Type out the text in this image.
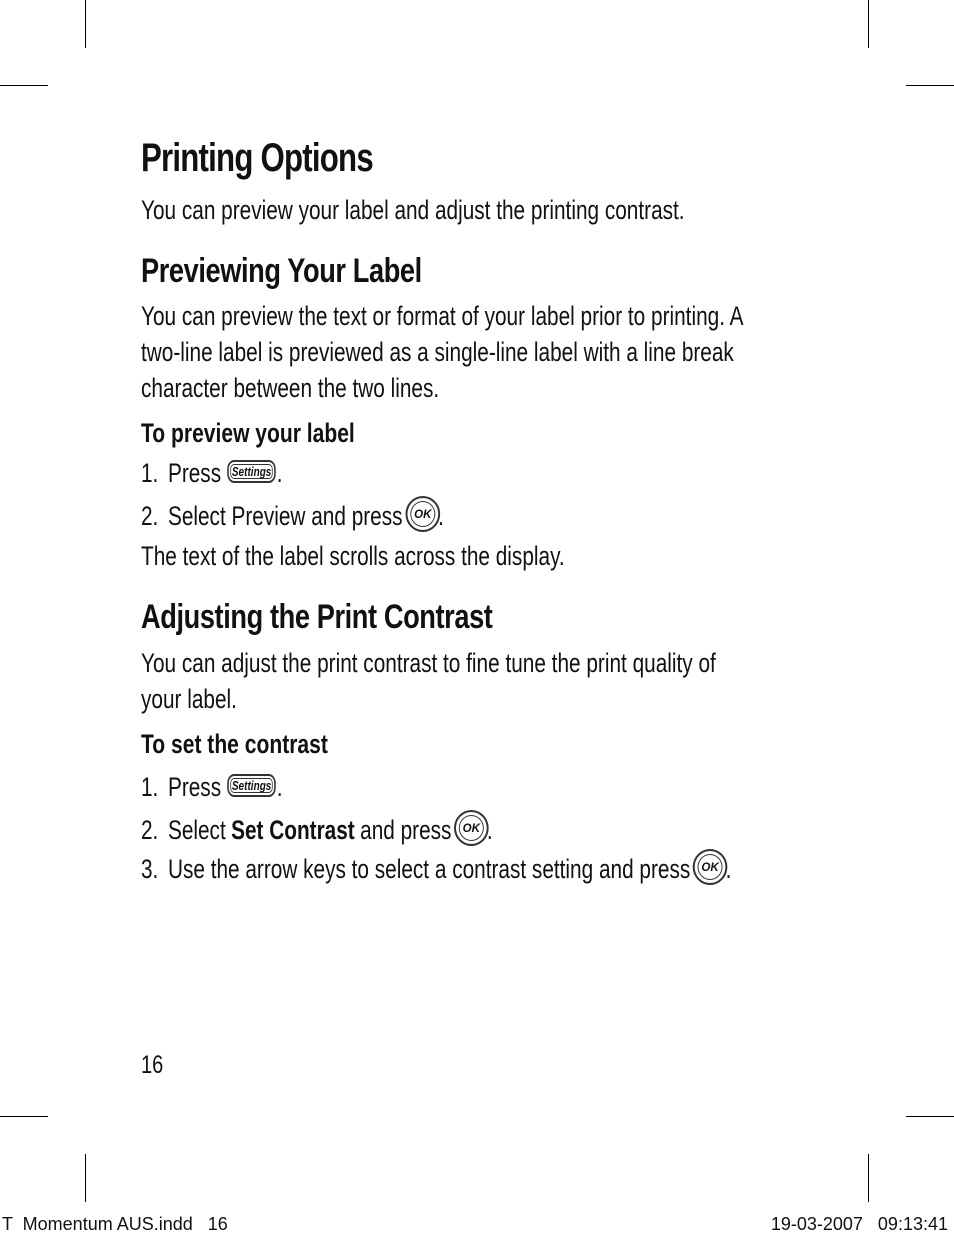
Printing Options
You can preview your label and adjust the printing contrast.
Previewing Your Label
You can preview the text or format of your label prior to printing. A
two-line label is previewed as a single-line label with a line break
character between the two lines.
To preview your label
1. Press Settings .
2. Select Preview and press OK .
The text of the label scrolls across the display.
Adjusting the Print Contrast
You can adjust the print contrast to fine tune the print quality of
your label.
To set the contrast
1. Press Settings .
2. Select Set Contrast and press OK .
3. Use the arrow keys to select a contrast setting and press OK .
16
T  Momentum AUS.indd   16	19-03-2007   09:13:41
